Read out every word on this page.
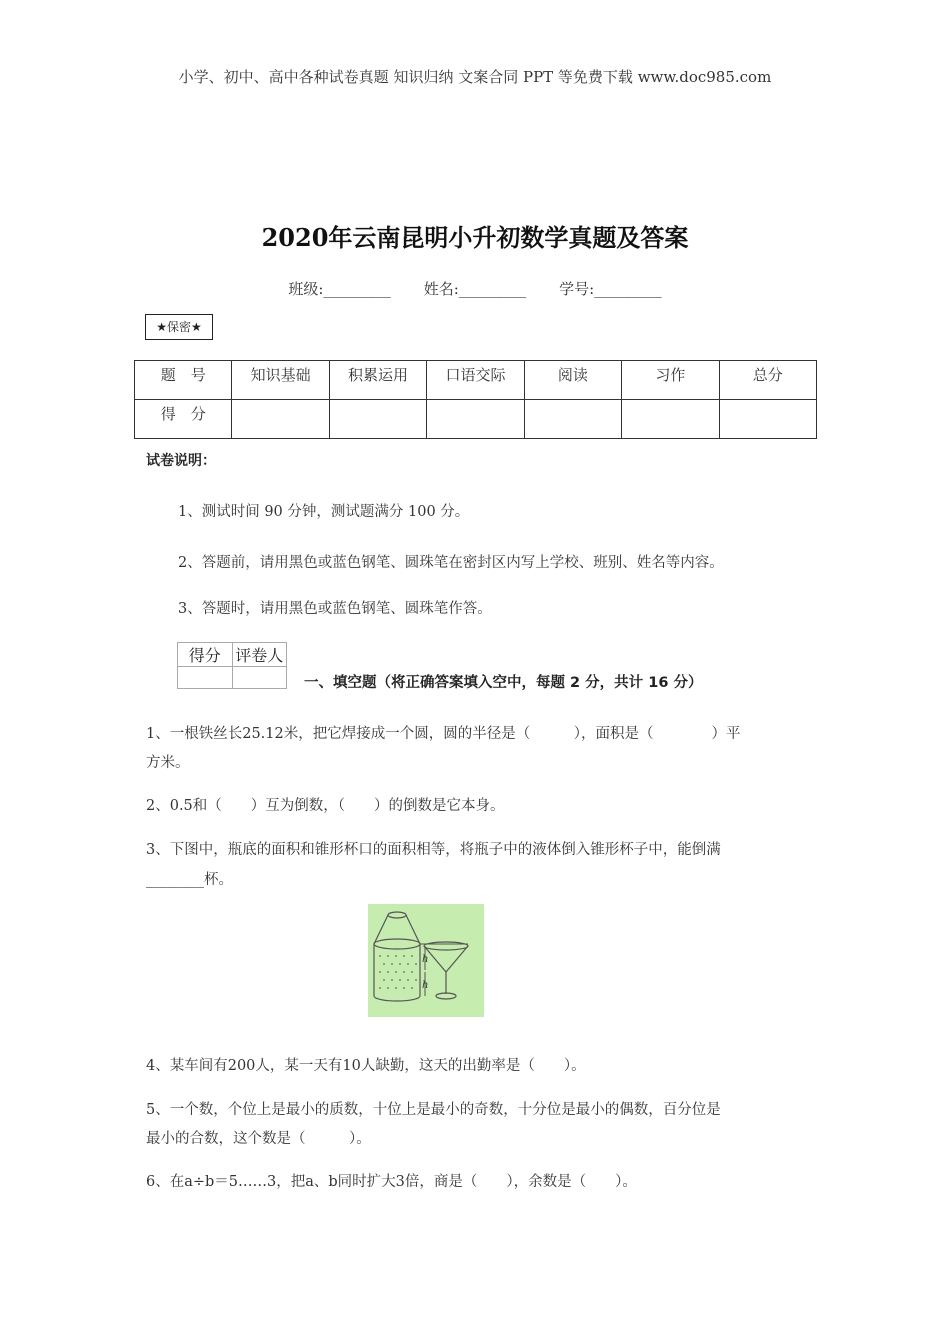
小学、初中、高中各种试卷真题 知识归纳 文案合同 PPT 等免费下载 www.doc985.com
2020年云南昆明小升初数学真题及答案
班级:_________ 姓名:_________ 学号:_________
★保密★
题　号	知识基础	积累运用	口语交际	阅读	习作	总分
得　分						
试卷说明：
1、测试时间 90 分钟，测试题满分 100 分。
2、答题前，请用黑色或蓝色钢笔、圆珠笔在密封区内写上学校、班别、姓名等内容。
3、答题时，请用黑色或蓝色钢笔、圆珠笔作答。
得分	评卷人

一、填空题（将正确答案填入空中，每题 2 分，共计 16 分）
1、一根铁丝长25.12米，把它焊接成一个圆，圆的半径是（　　　），面积是（　　　　）平
方米。
2、0.5和（　　）互为倒数，（　　）的倒数是它本身。
3、下图中，瓶底的面积和锥形杯口的面积相等，将瓶子中的液体倒入锥形杯子中，能倒满
________杯。
h
h
4、某车间有200人，某一天有10人缺勤，这天的出勤率是（　　）。
5、一个数，个位上是最小的质数，十位上是最小的奇数，十分位是最小的偶数，百分位是
最小的合数，这个数是（　　　）。
6、在a÷b＝5……3，把a、b同时扩大3倍，商是（　　），余数是（　　）。
